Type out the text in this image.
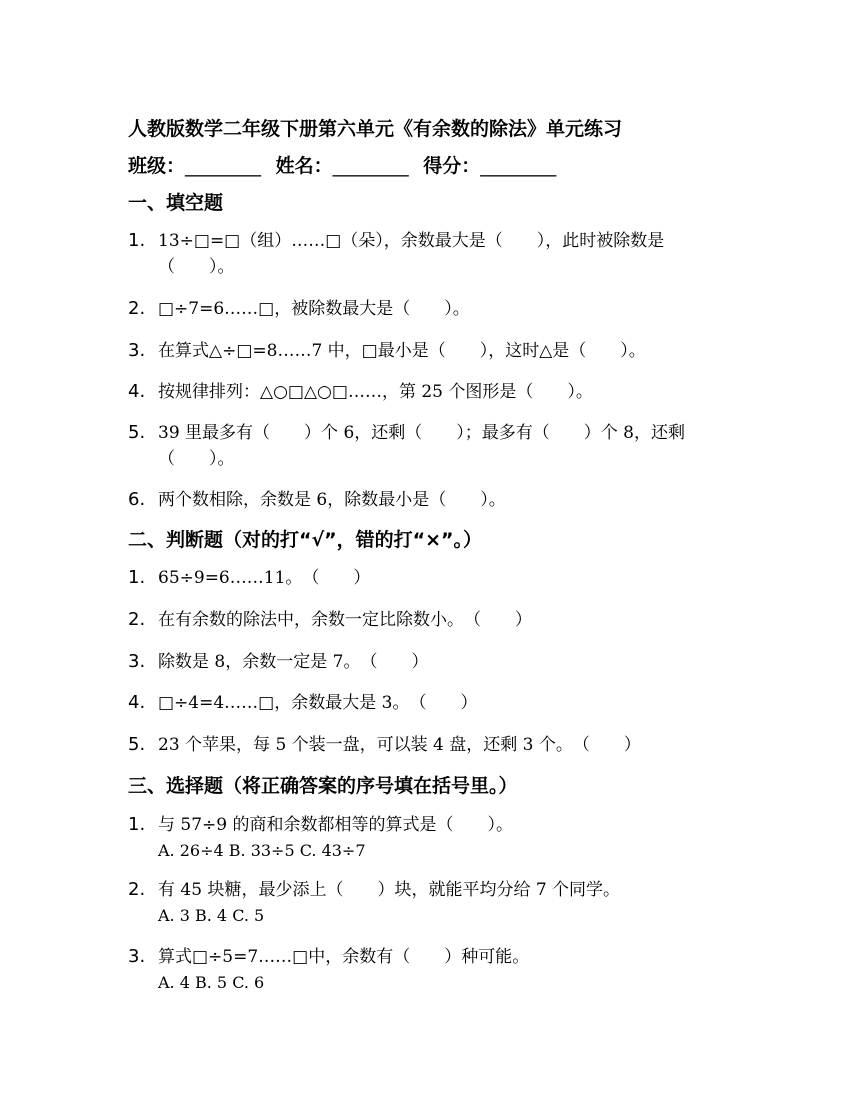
人教版数学二年级下册第六单元《有余数的除法》单元练习
班级：________ 姓名：________ 得分：________
一、填空题
1. 13÷□=□（组）……□（朵），余数最大是（　　），此时被除数是（　　）。
2. □÷7=6……□，被除数最大是（　　）。
3. 在算式△÷□=8……7 中，□最小是（　　），这时△是（　　）。
4. 按规律排列：△○□△○□……，第 25 个图形是（　　）。
5. 39 里最多有（　　）个 6，还剩（　　）；最多有（　　）个 8，还剩（　　）。
6. 两个数相除，余数是 6，除数最小是（　　）。
二、判断题（对的打“√”，错的打“×”。）
1. 65÷9=6……11。　（　　）
2. 在有余数的除法中，余数一定比除数小。　（　　）
3. 除数是 8，余数一定是 7。　（　　）
4. □÷4=4……□，余数最大是 3。　（　　）
5. 23 个苹果，每 5 个装一盘，可以装 4 盘，还剩 3 个。　（　　）
三、选择题（将正确答案的序号填在括号里。）
1. 与 57÷9 的商和余数都相等的算式是（　　）。
A. 26÷4 B. 33÷5 C. 43÷7
2. 有 45 块糖，最少添上（　　）块，就能平均分给 7 个同学。
A. 3 B. 4 C. 5
3. 算式□÷5=7……□中，余数有（　　）种可能。
A. 4 B. 5 C. 6
